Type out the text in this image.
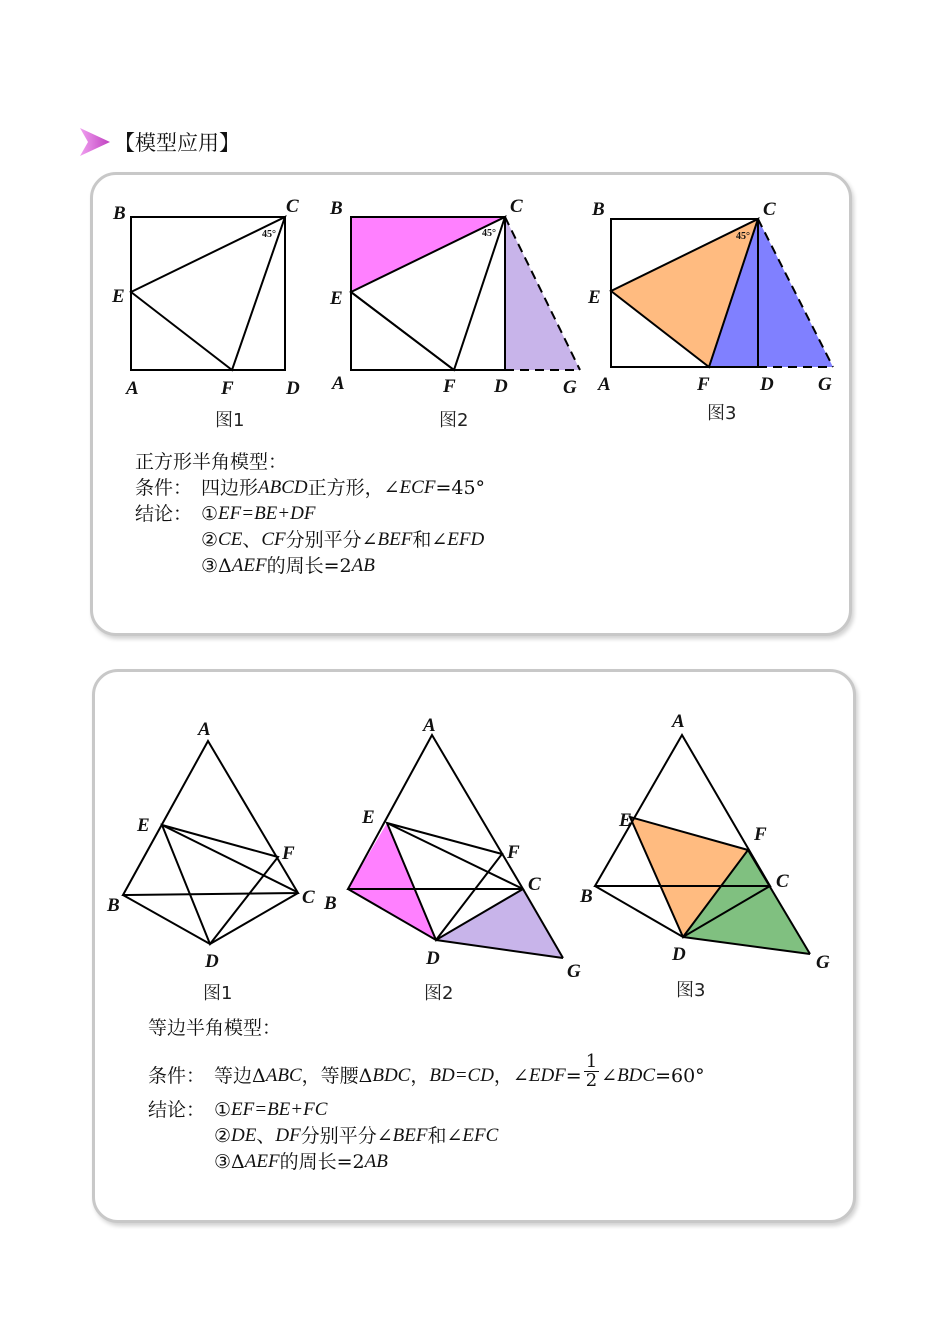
【模型应用】
45°
B	C
E
A	F	D
图1
45°
B	C
E
A	F D	G
图2
45°
B	C
E
A	F	D G
图3
正方形半角模型：
条件： 四边形 ABCD 正方形，∠ ECF =45°
结论： ① EF=BE+DF
② CE 、 CF 分别平分∠ BEF 和∠ EFD
③Δ AEF 的周长=2 AB
A
E
F
B	C
D
图1
A
E
F
B
C
D
G
图2
A
E
F
B
C
D	G
图3
等边半角模型：
条件： 等边Δ ABC ，等腰Δ BDC ， BD=CD ，∠ EDF = $\frac{1}{2}$ ∠ BDC =60°
结论： ① EF=BE+FC
② DE 、 DF 分别平分∠ BEF 和∠ EFC
③Δ AEF 的周长=2 AB
